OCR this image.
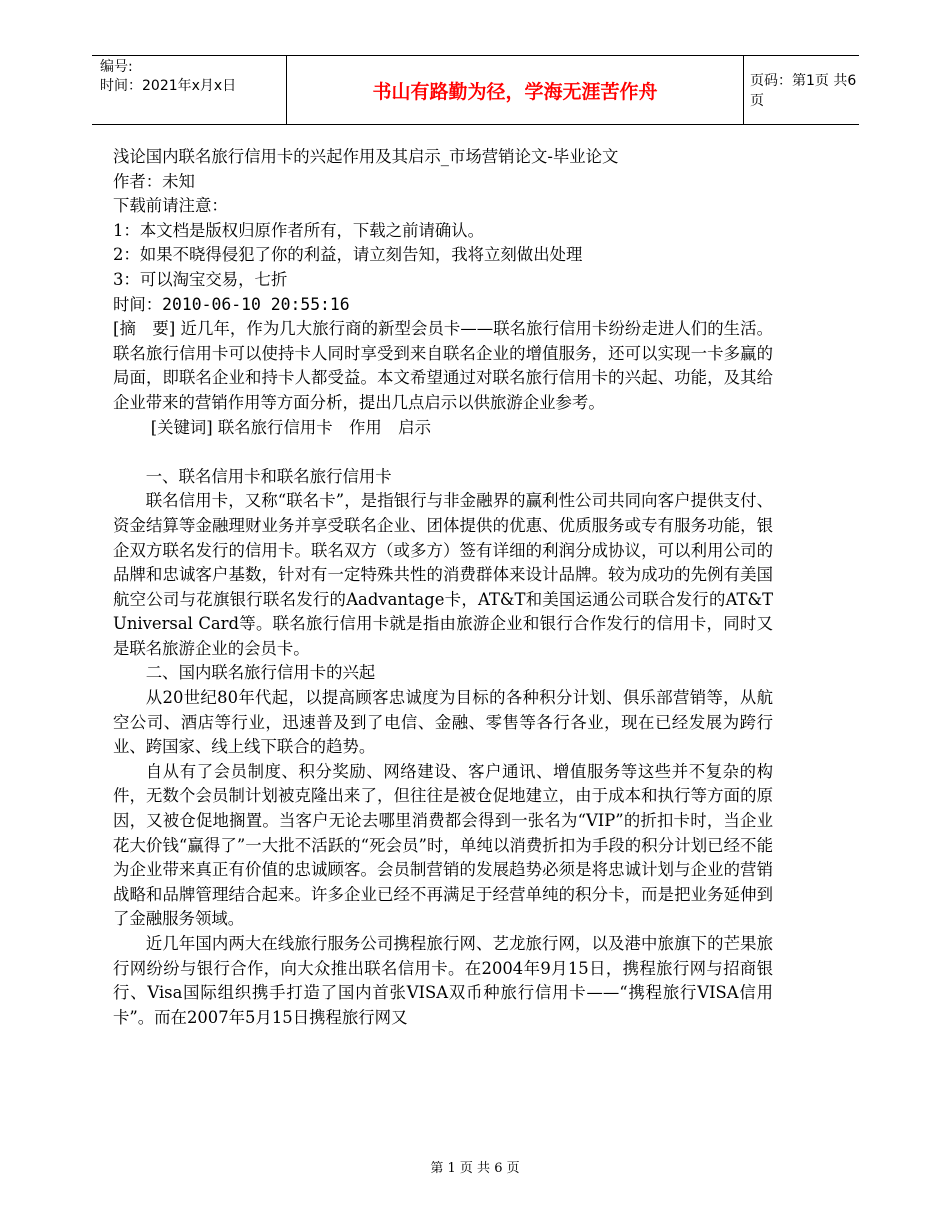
编号:
时间：2021年x月x日	书山有路勤为径，学海无涯苦作舟	页码：第1页 共6页

浅论国内联名旅行信用卡的兴起作用及其启示_市场营销论文-毕业论文

作者：未知

下载前请注意：

1：本文档是版权归原作者所有，下载之前请确认。

2：如果不晓得侵犯了你的利益，请立刻告知，我将立刻做出处理

3：可以淘宝交易，七折

时间：2010-06-10 20:55:16

[摘　要] 近几年，作为几大旅行商的新型会员卡——联名旅行信用卡纷纷走进人们的生活。联名旅行信用卡可以使持卡人同时享受到来自联名企业的增值服务，还可以实现一卡多赢的局面，即联名企业和持卡人都受益。本文希望通过对联名旅行信用卡的兴起、功能，及其给企业带来的营销作用等方面分析，提出几点启示以供旅游企业参考。

[关键词] 联名旅行信用卡　作用　启示

一、联名信用卡和联名旅行信用卡

联名信用卡，又称“联名卡”，是指银行与非金融界的赢利性公司共同向客户提供支付、资金结算等金融理财业务并享受联名企业、团体提供的优惠、优质服务或专有服务功能，银企双方联名发行的信用卡。联名双方（或多方）签有详细的利润分成协议，可以利用公司的品牌和忠诚客户基数，针对有一定特殊共性的消费群体来设计品牌。较为成功的先例有美国航空公司与花旗银行联名发行的Aadvantage卡，AT&T和美国运通公司联合发行的AT&T Universal Card等。联名旅行信用卡就是指由旅游企业和银行合作发行的信用卡，同时又是联名旅游企业的会员卡。

二、国内联名旅行信用卡的兴起

从20世纪80年代起，以提高顾客忠诚度为目标的各种积分计划、俱乐部营销等，从航空公司、酒店等行业，迅速普及到了电信、金融、零售等各行各业，现在已经发展为跨行业、跨国家、线上线下联合的趋势。

自从有了会员制度、积分奖励、网络建设、客户通讯、增值服务等这些并不复杂的构件，无数个会员制计划被克隆出来了，但往往是被仓促地建立，由于成本和执行等方面的原因，又被仓促地搁置。当客户无论去哪里消费都会得到一张名为“VIP”的折扣卡时，当企业花大价钱“赢得了”一大批不活跃的“死会员”时，单纯以消费折扣为手段的积分计划已经不能为企业带来真正有价值的忠诚顾客。会员制营销的发展趋势必须是将忠诚计划与企业的营销战略和品牌管理结合起来。许多企业已经不再满足于经营单纯的积分卡，而是把业务延伸到了金融服务领域。

近几年国内两大在线旅行服务公司携程旅行网、艺龙旅行网，以及港中旅旗下的芒果旅行网纷纷与银行合作，向大众推出联名信用卡。在2004年9月15日，携程旅行网与招商银行、Visa国际组织携手打造了国内首张VISA双币种旅行信用卡——“携程旅行VISA信用卡”。而在2007年5月15日携程旅行网又

第 1 页 共 6 页
